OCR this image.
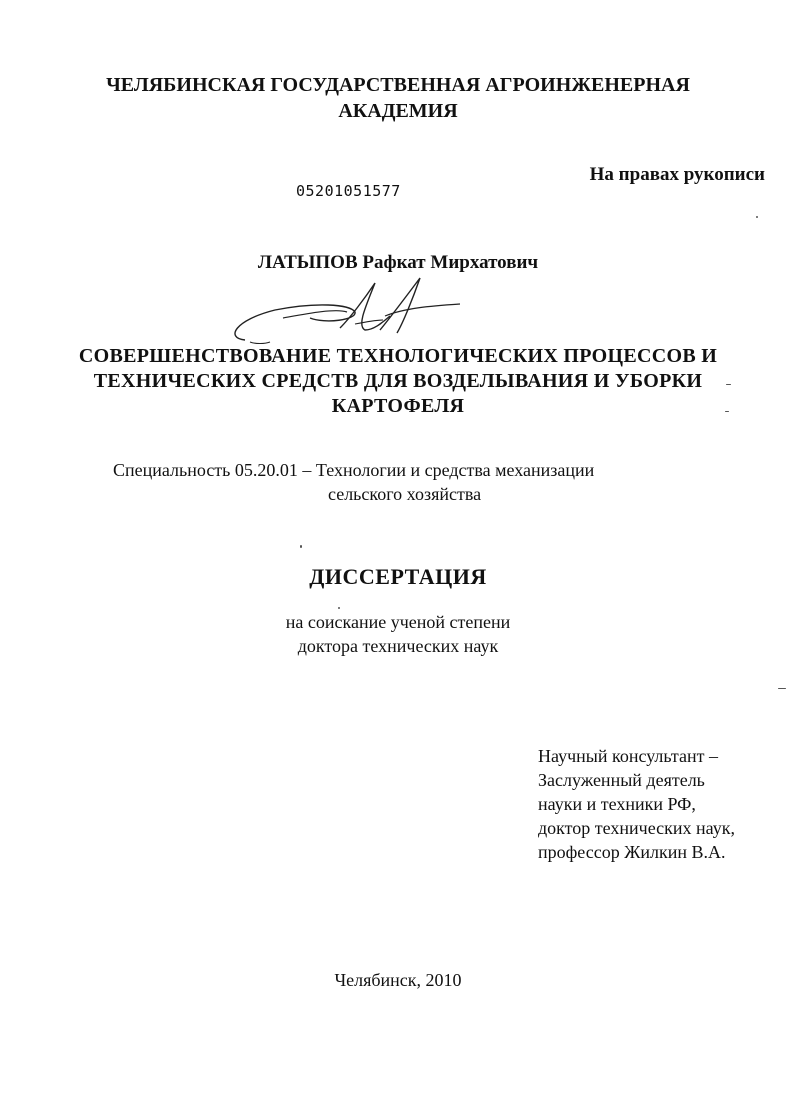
ЧЕЛЯБИНСКАЯ ГОСУДАРСТВЕННАЯ АГРОИНЖЕНЕРНАЯ
АКАДЕМИЯ
На правах рукописи
05201051577
ЛАТЫПОВ Рафкат Мирхатович
СОВЕРШЕНСТВОВАНИЕ ТЕХНОЛОГИЧЕСКИХ ПРОЦЕССОВ И
ТЕХНИЧЕСКИХ СРЕДСТВ ДЛЯ ВОЗДЕЛЫВАНИЯ И УБОРКИ
КАРТОФЕЛЯ
Специальность 05.20.01 – Технологии и средства механизации
сельского хозяйства
ДИССЕРТАЦИЯ
на соискание ученой степени
доктора технических наук
Научный консультант –
Заслуженный деятель
науки и техники РФ,
доктор технических наук,
профессор Жилкин В.А.
Челябинск, 2010
